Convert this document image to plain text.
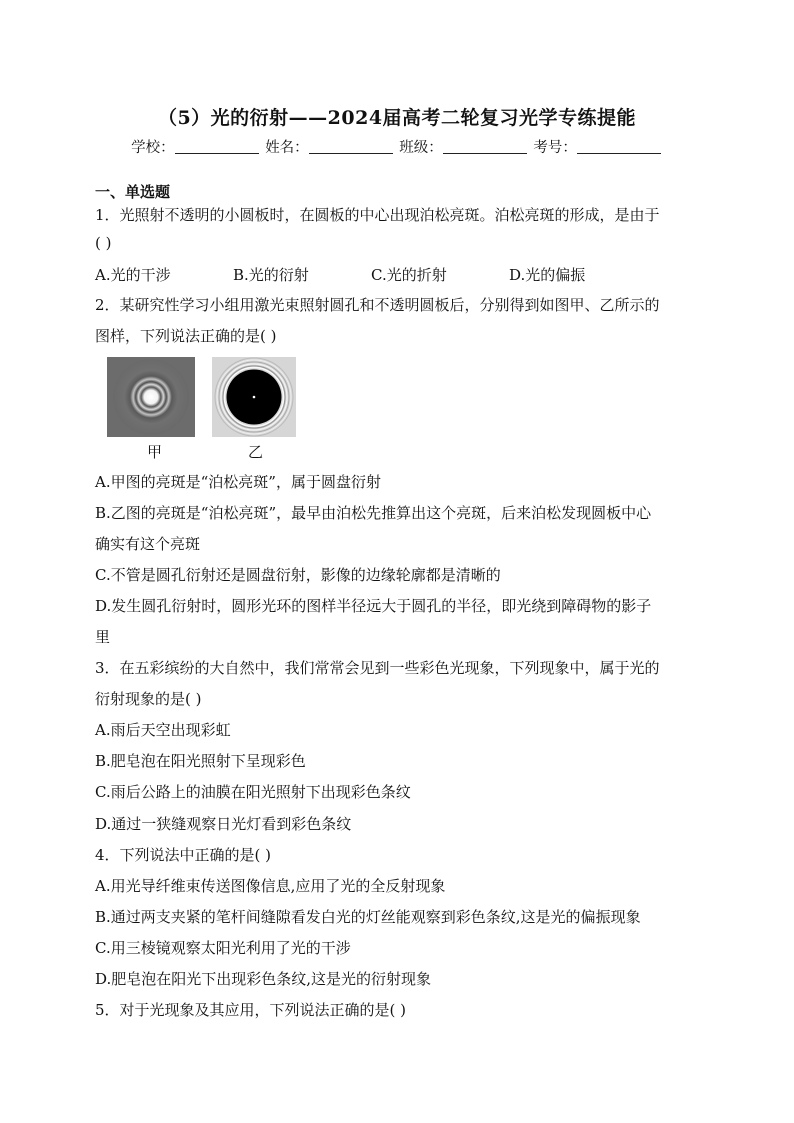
（5）光的衍射——2024届高考二轮复习光学专练提能
学校：	姓名：	班级：	考号：
一、单选题
1．光照射不透明的小圆板时，在圆板的中心出现泊松亮斑。泊松亮斑的形成，是由于
( )
A.光的干涉	B.光的衍射	C.光的折射	D.光的偏振
2．某研究性学习小组用激光束照射圆孔和不透明圆板后，分别得到如图甲、乙所示的
图样，下列说法正确的是( )
甲	乙
A.甲图的亮斑是“泊松亮斑”，属于圆盘衍射
B.乙图的亮斑是“泊松亮斑”，最早由泊松先推算出这个亮斑，后来泊松发现圆板中心
确实有这个亮斑
C.不管是圆孔衍射还是圆盘衍射，影像的边缘轮廓都是清晰的
D.发生圆孔衍射时，圆形光环的图样半径远大于圆孔的半径，即光绕到障碍物的影子
里
3．在五彩缤纷的大自然中，我们常常会见到一些彩色光现象，下列现象中，属于光的
衍射现象的是( )
A.雨后天空出现彩虹
B.肥皂泡在阳光照射下呈现彩色
C.雨后公路上的油膜在阳光照射下出现彩色条纹
D.通过一狭缝观察日光灯看到彩色条纹
4．下列说法中正确的是( )
A.用光导纤维束传送图像信息,应用了光的全反射现象
B.通过两支夹紧的笔杆间缝隙看发白光的灯丝能观察到彩色条纹,这是光的偏振现象
C.用三棱镜观察太阳光利用了光的干涉
D.肥皂泡在阳光下出现彩色条纹,这是光的衍射现象
5．对于光现象及其应用，下列说法正确的是( )
